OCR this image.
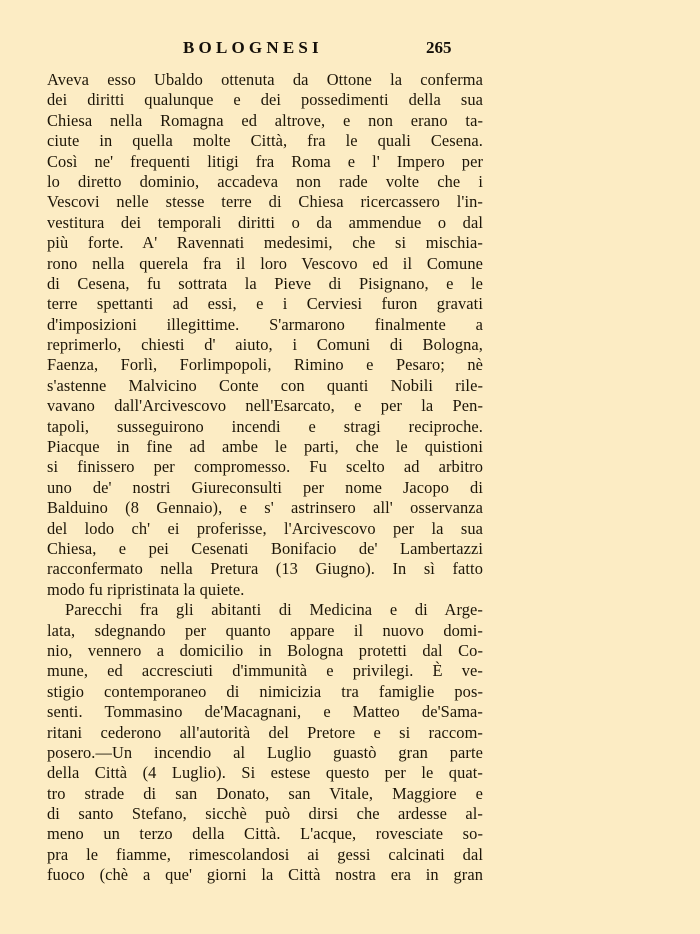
BOLOGNESI	265
Aveva esso Ubaldo ottenuta da Ottone la conferma
dei diritti qualunque e dei possedimenti della sua
Chiesa nella Romagna ed altrove, e non erano ta-
ciute in quella molte Città, fra le quali Cesena.
Così ne' frequenti litigi fra Roma e l' Impero per
lo diretto dominio, accadeva non rade volte che i
Vescovi nelle stesse terre di Chiesa ricercassero l'in-
vestitura dei temporali diritti o da ammendue o dal
più forte. A' Ravennati medesimi, che si mischia-
rono nella querela fra il loro Vescovo ed il Comune
di Cesena, fu sottrata la Pieve di Pisignano, e le
terre spettanti ad essi, e i Cerviesi furon gravati
d'imposizioni illegittime. S'armarono finalmente a
reprimerlo, chiesti d' aiuto, i Comuni di Bologna,
Faenza, Forlì, Forlimpopoli, Rimino e Pesaro; nè
s'astenne Malvicino Conte con quanti Nobili rile-
vavano dall'Arcivescovo nell'Esarcato, e per la Pen-
tapoli, susseguirono incendi e stragi reciproche.
Piacque in fine ad ambe le parti, che le quistioni
si finissero per compromesso. Fu scelto ad arbitro
uno de' nostri Giureconsulti per nome Jacopo di
Balduino (8 Gennaio), e s' astrinsero all' osservanza
del lodo ch' ei proferisse, l'Arcivescovo per la sua
Chiesa, e pei Cesenati Bonifacio de' Lambertazzi
racconfermato nella Pretura (13 Giugno). In sì fatto
modo fu ripristinata la quiete.
Parecchi fra gli abitanti di Medicina e di Arge-
lata, sdegnando per quanto appare il nuovo domi-
nio, vennero a domicilio in Bologna protetti dal Co-
mune, ed accresciuti d'immunità e privilegi. È ve-
stigio contemporaneo di nimicizia tra famiglie pos-
senti. Tommasino de'Macagnani, e Matteo de'Sama-
ritani cederono all'autorità del Pretore e si raccom-
posero.—Un incendio al Luglio guastò gran parte
della Città (4 Luglio). Si estese questo per le quat-
tro strade di san Donato, san Vitale, Maggiore e
di santo Stefano, sicchè può dirsi che ardesse al-
meno un terzo della Città. L'acque, rovesciate so-
pra le fiamme, rimescolandosi ai gessi calcinati dal
fuoco (chè a que' giorni la Città nostra era in gran
